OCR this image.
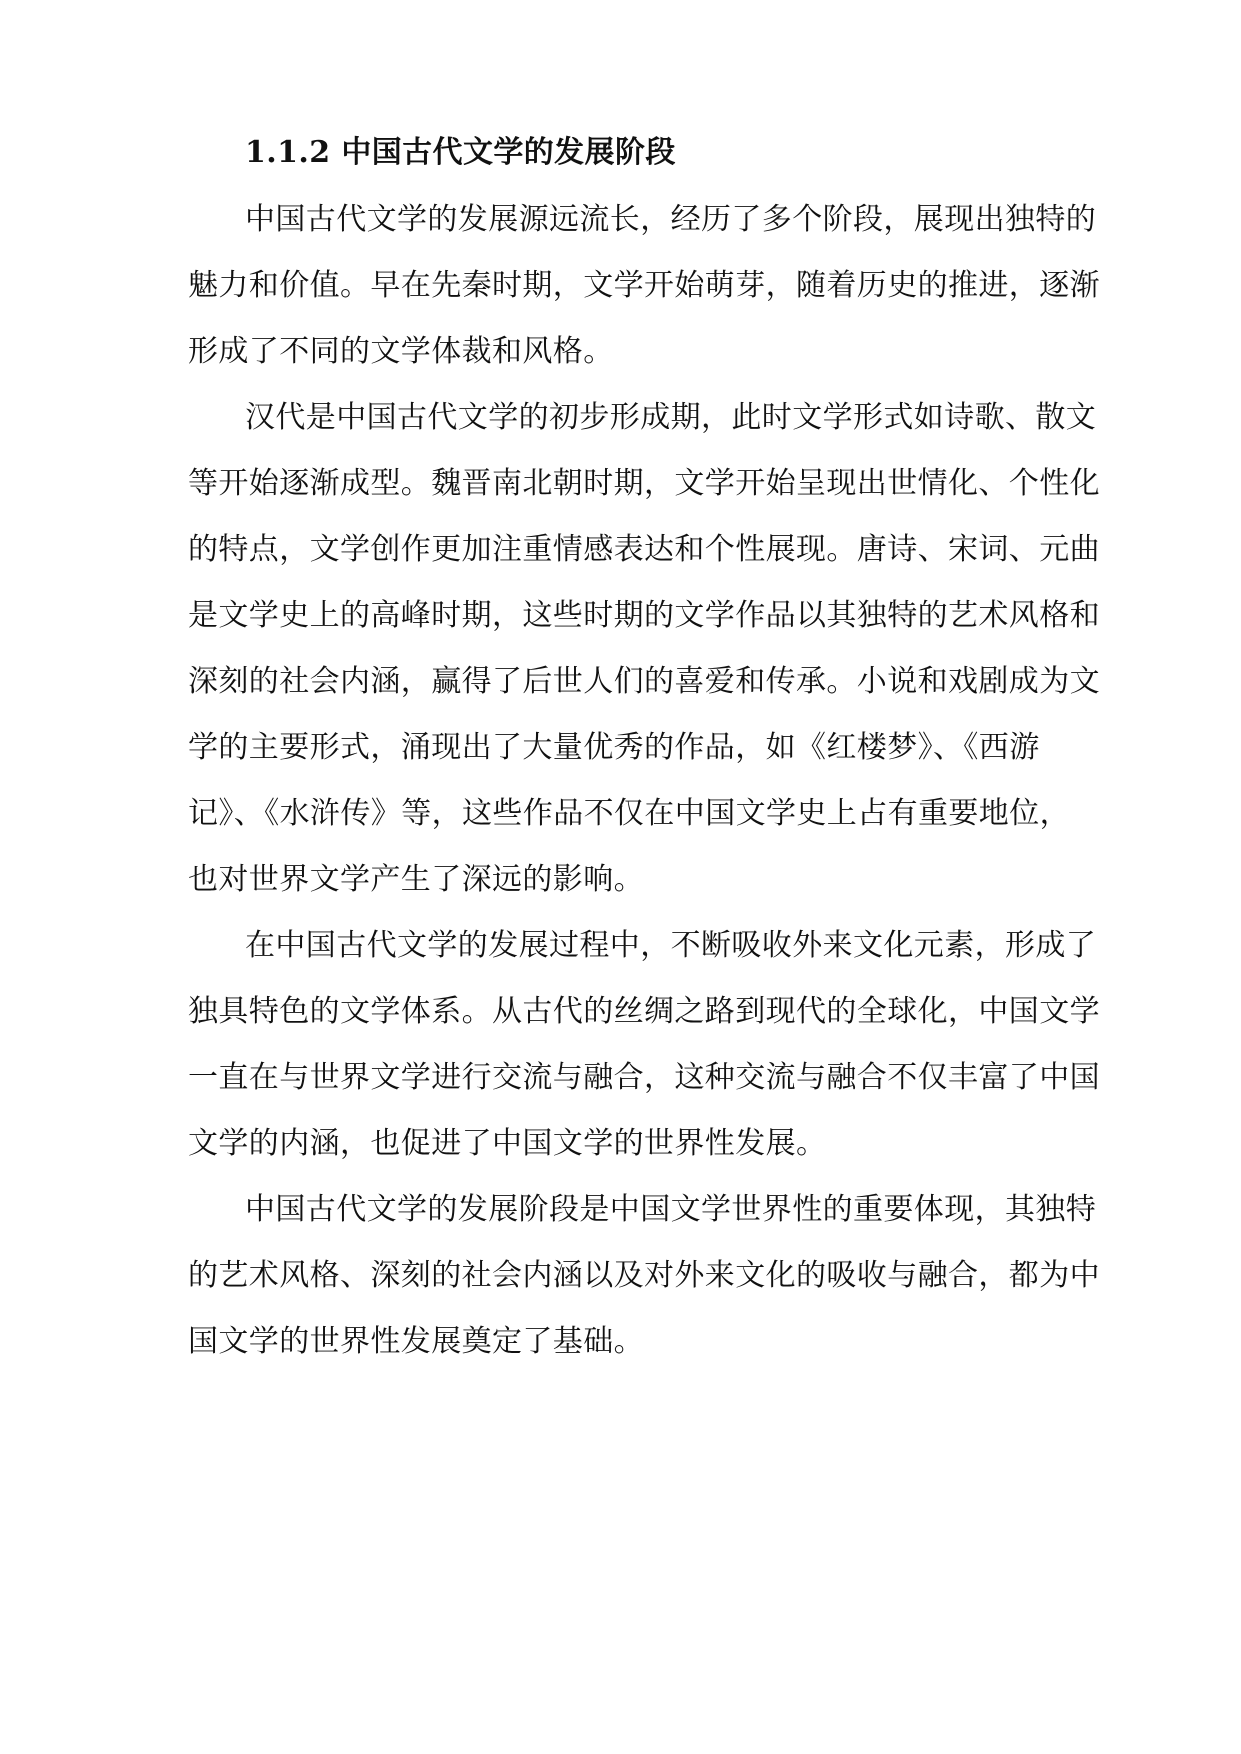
1.1.2 中国古代文学的发展阶段
中国古代文学的发展源远流长，经历了多个阶段，展现出独特的
魅力和价值。早在先秦时期，文学开始萌芽，随着历史的推进，逐渐
形成了不同的文学体裁和风格。
汉代是中国古代文学的初步形成期，此时文学形式如诗歌、散文
等开始逐渐成型。魏晋南北朝时期，文学开始呈现出世情化、个性化
的特点，文学创作更加注重情感表达和个性展现。唐诗、宋词、元曲
是文学史上的高峰时期，这些时期的文学作品以其独特的艺术风格和
深刻的社会内涵，赢得了后世人们的喜爱和传承。小说和戏剧成为文
学的主要形式，涌现出了大量优秀的作品，如《红楼梦》、《西游
记》、《水浒传》等，这些作品不仅在中国文学史上占有重要地位，
也对世界文学产生了深远的影响。
在中国古代文学的发展过程中，不断吸收外来文化元素，形成了
独具特色的文学体系。从古代的丝绸之路到现代的全球化，中国文学
一直在与世界文学进行交流与融合，这种交流与融合不仅丰富了中国
文学的内涵，也促进了中国文学的世界性发展。
中国古代文学的发展阶段是中国文学世界性的重要体现，其独特
的艺术风格、深刻的社会内涵以及对外来文化的吸收与融合，都为中
国文学的世界性发展奠定了基础。
